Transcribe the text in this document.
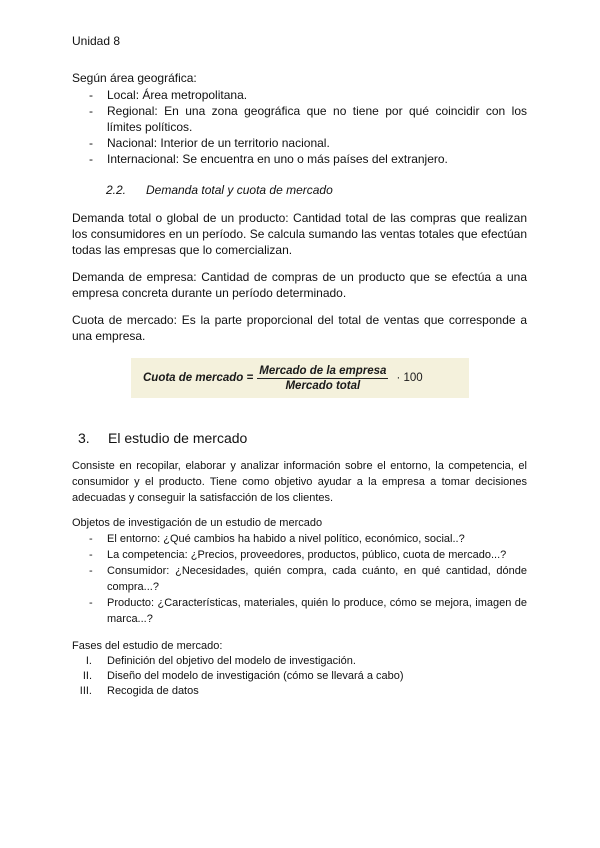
Unidad 8

Según área geográfica:

- Local: Área metropolitana.
- Regional: En una zona geográfica que no tiene por qué coincidir con los límites políticos.
- Nacional: Interior de un territorio nacional.
- Internacional: Se encuentra en uno o más países del extranjero.
2.2. Demanda total y cuota de mercado

Demanda total o global de un producto: Cantidad total de las compras que realizan los consumidores en un período. Se calcula sumando las ventas totales que efectúan todas las empresas que lo comercializan.

Demanda de empresa: Cantidad de compras de un producto que se efectúa a una empresa concreta durante un período determinado.

Cuota de mercado: Es la parte proporcional del total de ventas que corresponde a una empresa.

Cuota de mercado = $\frac{\text{Mercado de la empresa}}{\text{Mercado total}} \cdot 100$
3. El estudio de mercado

Consiste en recopilar, elaborar y analizar información sobre el entorno, la competencia, el consumidor y el producto. Tiene como objetivo ayudar a la empresa a tomar decisiones adecuadas y conseguir la satisfacción de los clientes.

Objetos de investigación de un estudio de mercado

- El entorno: ¿Qué cambios ha habido a nivel político, económico, social..?
- La competencia: ¿Precios, proveedores, productos, público, cuota de mercado...?
- Consumidor: ¿Necesidades, quién compra, cada cuánto, en qué cantidad, dónde compra...?
- Producto: ¿Características, materiales, quién lo produce, cómo se mejora, imagen de marca...?

Fases del estudio de mercado:

I. Definición del objetivo del modelo de investigación.
II. Diseño del modelo de investigación (cómo se llevará a cabo)
III. Recogida de datos
